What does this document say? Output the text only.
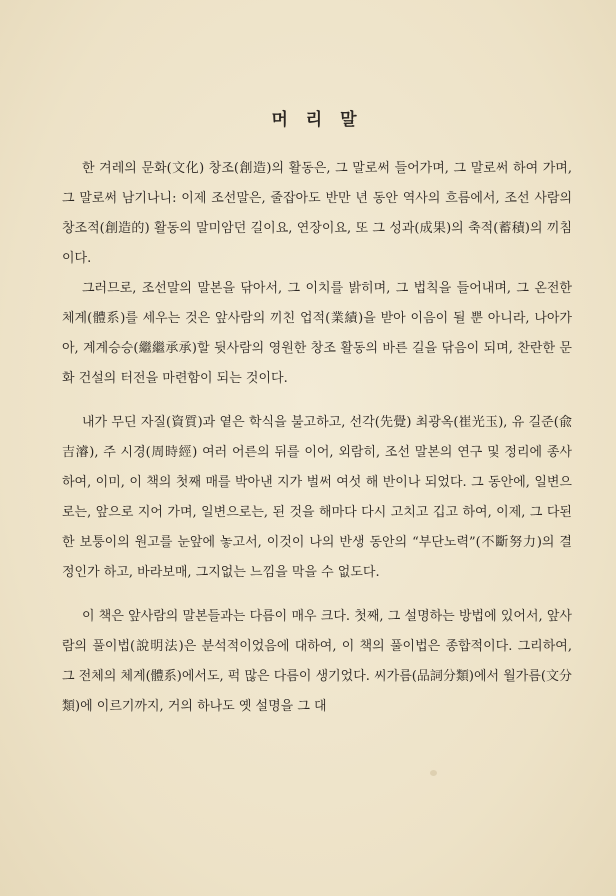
머 리 말

한 겨레의 문화(文化) 창조(創造)의 활동은, 그 말로써 들어가며, 그 말로써 하여 가며, 그 말로써 남기나니: 이제 조선말은, 줄잡아도 반만 년 동안 역사의 흐름에서, 조선 사람의 창조적(創造的) 활동의 말미암던 길이요, 연장이요, 또 그 성과(成果)의 축적(蓄積)의 끼침이다.

그러므로, 조선말의 말본을 닦아서, 그 이치를 밝히며, 그 법칙을 들어내며, 그 온전한 체계(體系)를 세우는 것은 앞사람의 끼친 업적(業績)을 받아 이음이 될 뿐 아니라, 나아가아, 계계승승(繼繼承承)할 뒷사람의 영원한 창조 활동의 바른 길을 닦음이 되며, 찬란한 문화 건설의 터전을 마련함이 되는 것이다.

내가 무딘 자질(資質)과 옅은 학식을 불고하고, 선각(先覺) 최광옥(崔光玉), 유 길준(兪吉濬), 주 시경(周時經) 여러 어른의 뒤를 이어, 외람히, 조선 말본의 연구 및 정리에 종사하여, 이미, 이 책의 첫째 매를 박아낸 지가 벌써 여섯 해 반이나 되었다. 그 동안에, 일변으로는, 앞으로 지어 가며, 일변으로는, 된 것을 해마다 다시 고치고 깁고 하여, 이제, 그 다된 한 보퉁이의 원고를 눈앞에 놓고서, 이것이 나의 반생 동안의 “부단노력”(不斷努力)의 결정인가 하고, 바라보매, 그지없는 느낌을 막을 수 없도다.

이 책은 앞사람의 말본들과는 다름이 매우 크다. 첫째, 그 설명하는 방법에 있어서, 앞사람의 풀이법(說明法)은 분석적이었음에 대하여, 이 책의 풀이법은 종합적이다. 그리하여, 그 전체의 체계(體系)에서도, 퍽 많은 다름이 생기었다. 씨가름(品詞分類)에서 월가름(文分類)에 이르기까지, 거의 하나도 옛 설명을 그 대
